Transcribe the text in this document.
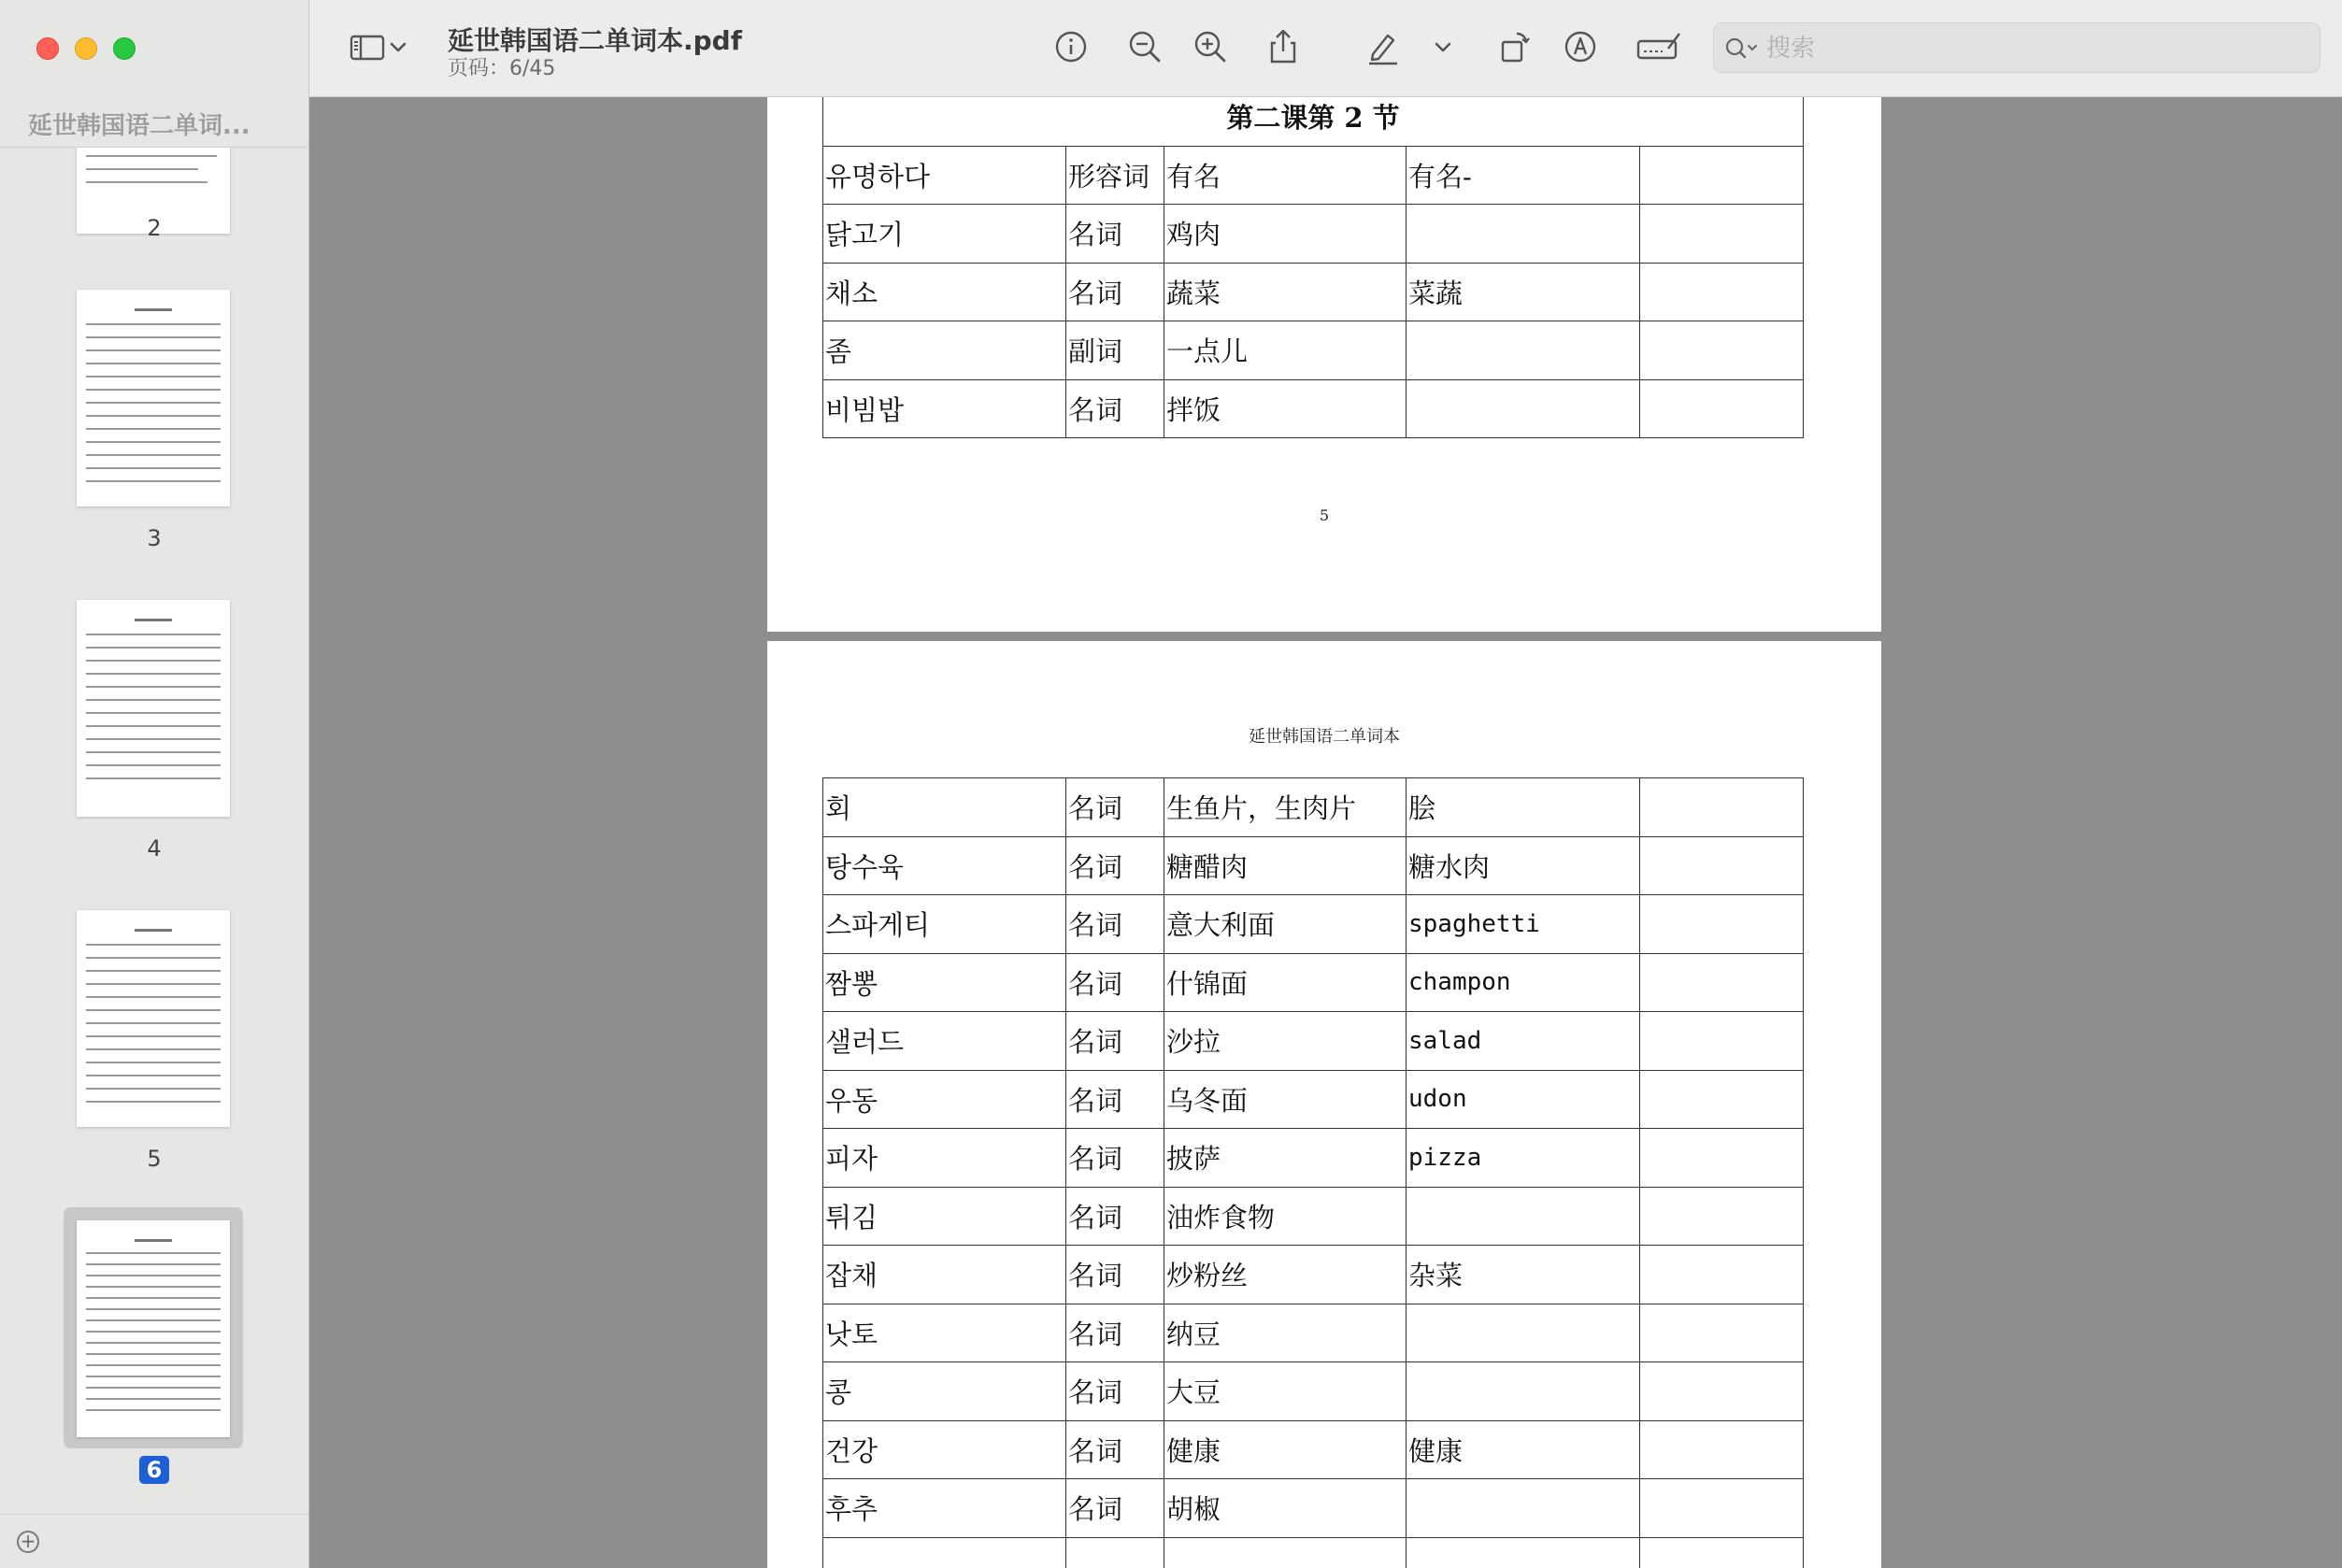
延世韩国语二单词...
2
3
4
5
6
+
延世韩国语二单词本.pdf
页码：6/45
搜索
第二课第 2 节				
유명하다	形容词	有名	有名-	
닭고기	名词	鸡肉		
채소	名词	蔬菜	菜蔬	
좀	副词	一点儿		
비빔밥	名词	拌饭		
5
延世韩国语二单词本
회	名词	生鱼片，生肉片	脍	
탕수육	名词	糖醋肉	糖水肉	
스파게티	名词	意大利面	spaghetti	
짬뽕	名词	什锦面	champon	
샐러드	名词	沙拉	salad	
우동	名词	乌冬面	udon	
피자	名词	披萨	pizza	
튀김	名词	油炸食物		
잡채	名词	炒粉丝	杂菜	
낫토	名词	纳豆		
콩	名词	大豆		
건강	名词	健康	健康	
후추	名词	胡椒		
